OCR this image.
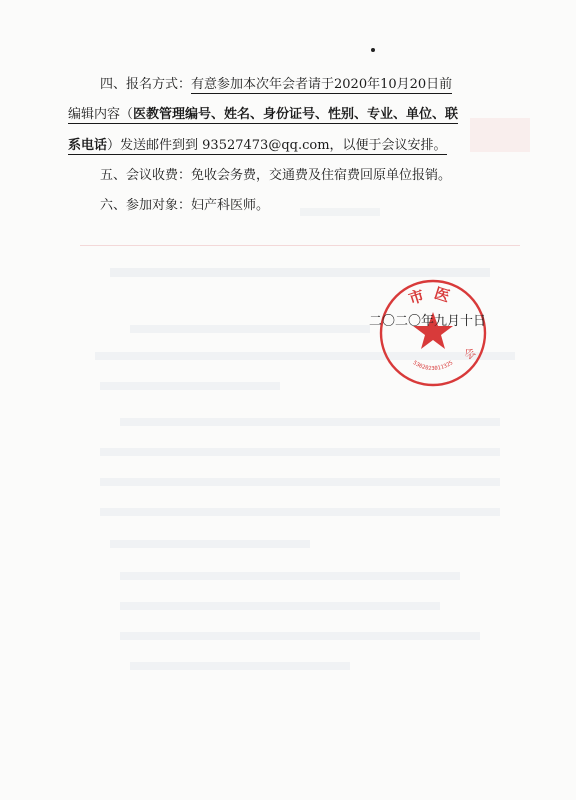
四、报名方式：有意参加本次年会者请于2020年10月20日前
编辑内容（医教管理编号、姓名、身份证号、性别、专业、单位、联
系电话）发送邮件到到 93527473@qq.com，以便于会议安排。
五、会议收费：免收会务费，交通费及住宿费回原单位报销。
六、参加对象：妇产科医师。
市医
会
5302023011325
二〇二〇年九月十日
